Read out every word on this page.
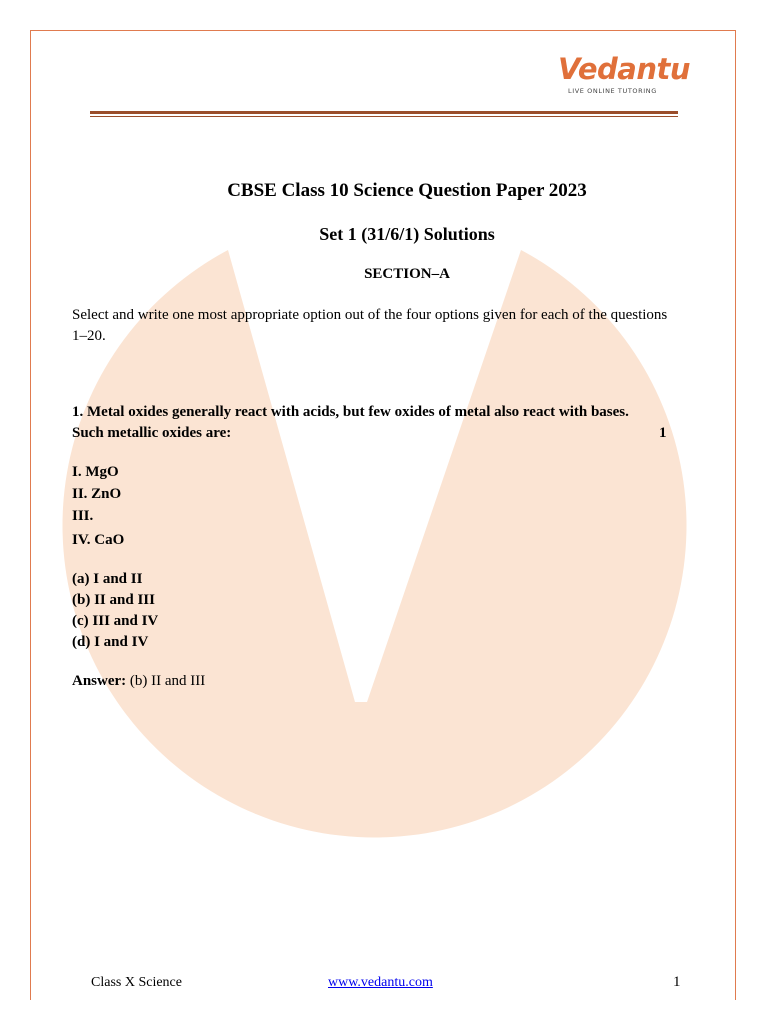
Vedantu
LIVE ONLINE TUTORING
CBSE Class 10 Science Question Paper 2023
Set 1 (31/6/1) Solutions
SECTION–A
Select and write one most appropriate option out of the four options given for each of the questions 1–20.
1. Metal oxides generally react with acids, but few oxides of metal also react with bases.
Such metallic oxides are:	1
I. MgO
II. ZnO
III.
IV. CaO
(a) I and II
(b) II and III
(c) III and IV
(d) I and IV
Answer: (b) II and III
Class X Science	www.vedantu.com	1
